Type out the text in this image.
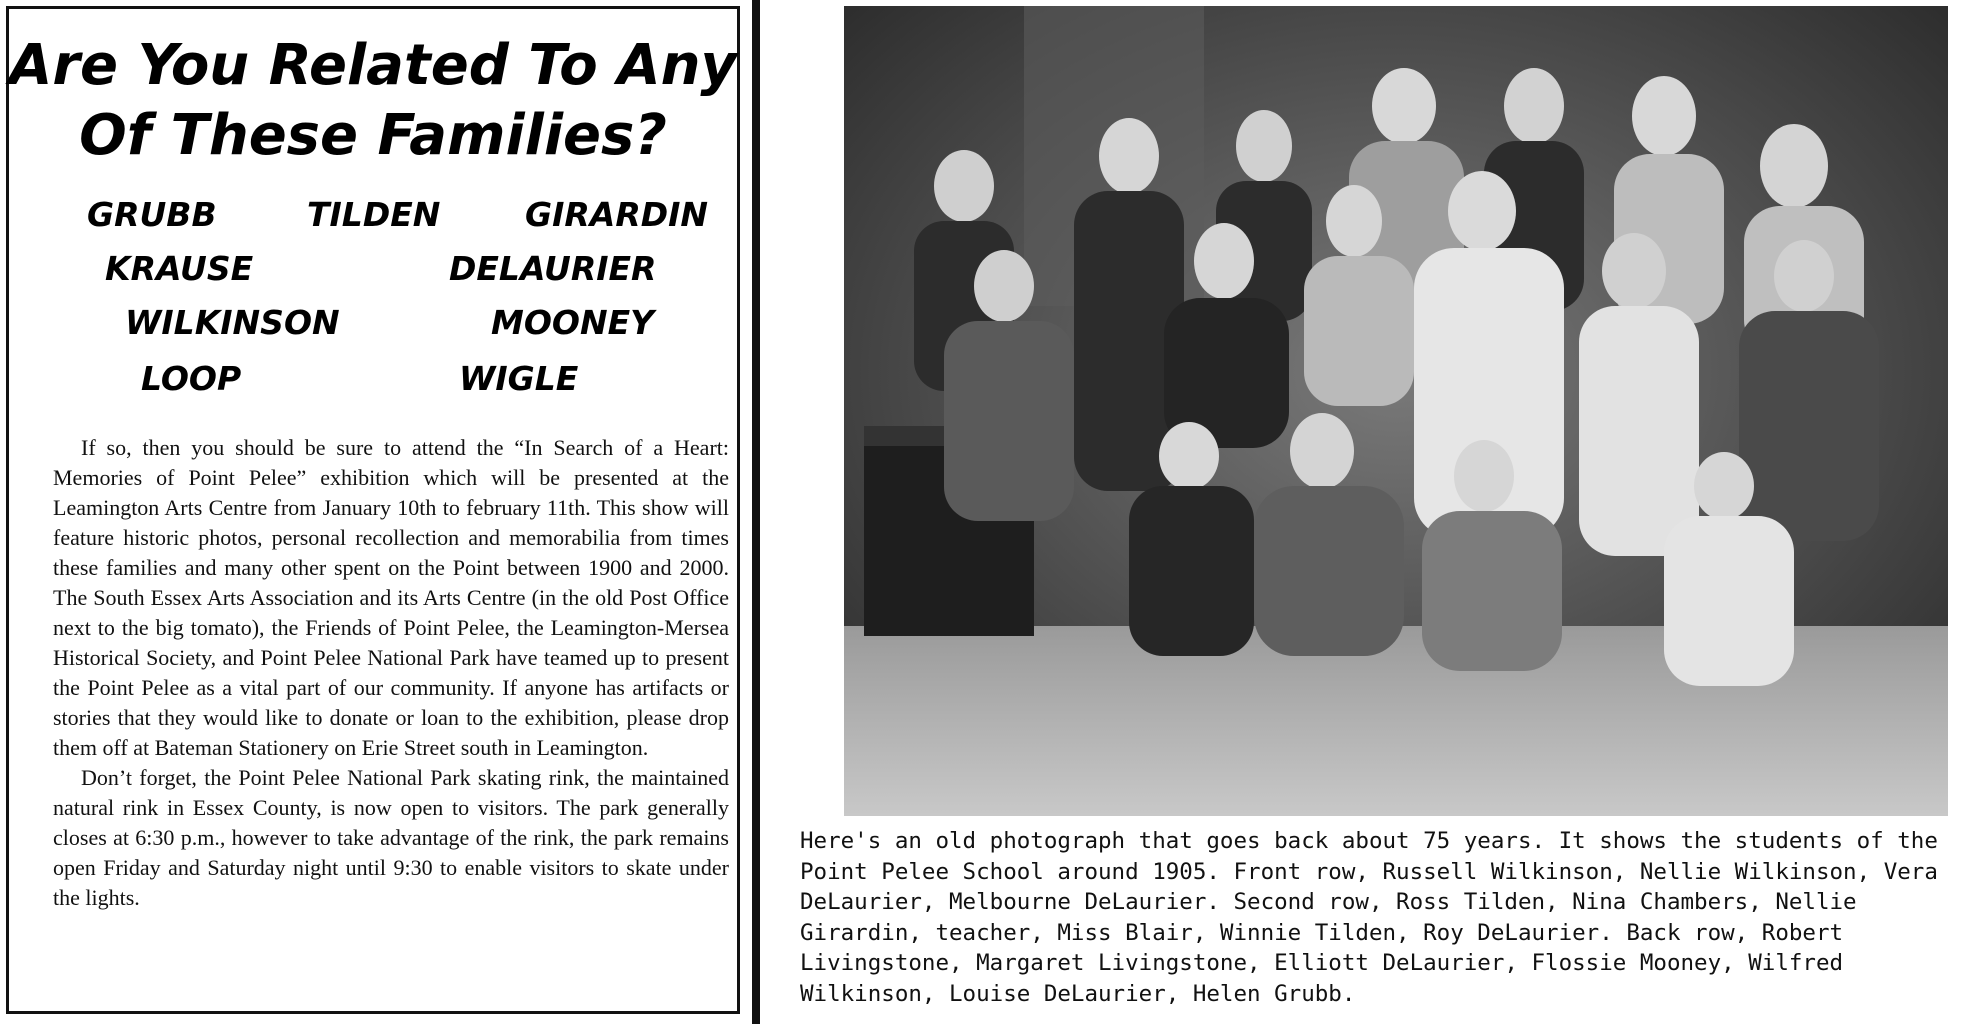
Are You Related To Any
Of These Families?
GRUBB	TILDEN	GIRARDIN
KRAUSE	DELAURIER
WILKINSON	MOONEY
LOOP	WIGLE

If so, then you should be sure to attend the “In Search of a Heart: Memories of Point Pelee” exhibition which will be presented at the Leamington Arts Centre from January 10th to february 11th. This show will feature historic photos, personal recollection and memorabilia from times these families and many other spent on the Point between 1900 and 2000. The South Essex Arts Association and its Arts Centre (in the old Post Office next to the big tomato), the Friends of Point Pelee, the Leamington-Mersea Historical Society, and Point Pelee National Park have teamed up to present the Point Pelee as a vital part of our community. If anyone has artifacts or stories that they would like to donate or loan to the exhibition, please drop them off at Bateman Stationery on Erie Street south in Leamington.

Don’t forget, the Point Pelee National Park skating rink, the maintained natural rink in Essex County, is now open to visitors. The park generally closes at 6:30 p.m., however to take advantage of the rink, the park remains open Friday and Saturday night until 9:30 to enable visitors to skate under the lights.

Here's an old photograph that goes back about 75 years. It shows the students of the Point Pelee School around 1905. Front row, Russell Wilkinson, Nellie Wilkinson, Vera DeLaurier, Melbourne DeLaurier. Second row, Ross Tilden, Nina Chambers, Nellie Girardin, teacher, Miss Blair, Winnie Tilden, Roy DeLaurier. Back row, Robert Livingstone, Margaret Livingstone, Elliott DeLaurier, Flossie Mooney, Wilfred Wilkinson, Louise DeLaurier, Helen Grubb.
